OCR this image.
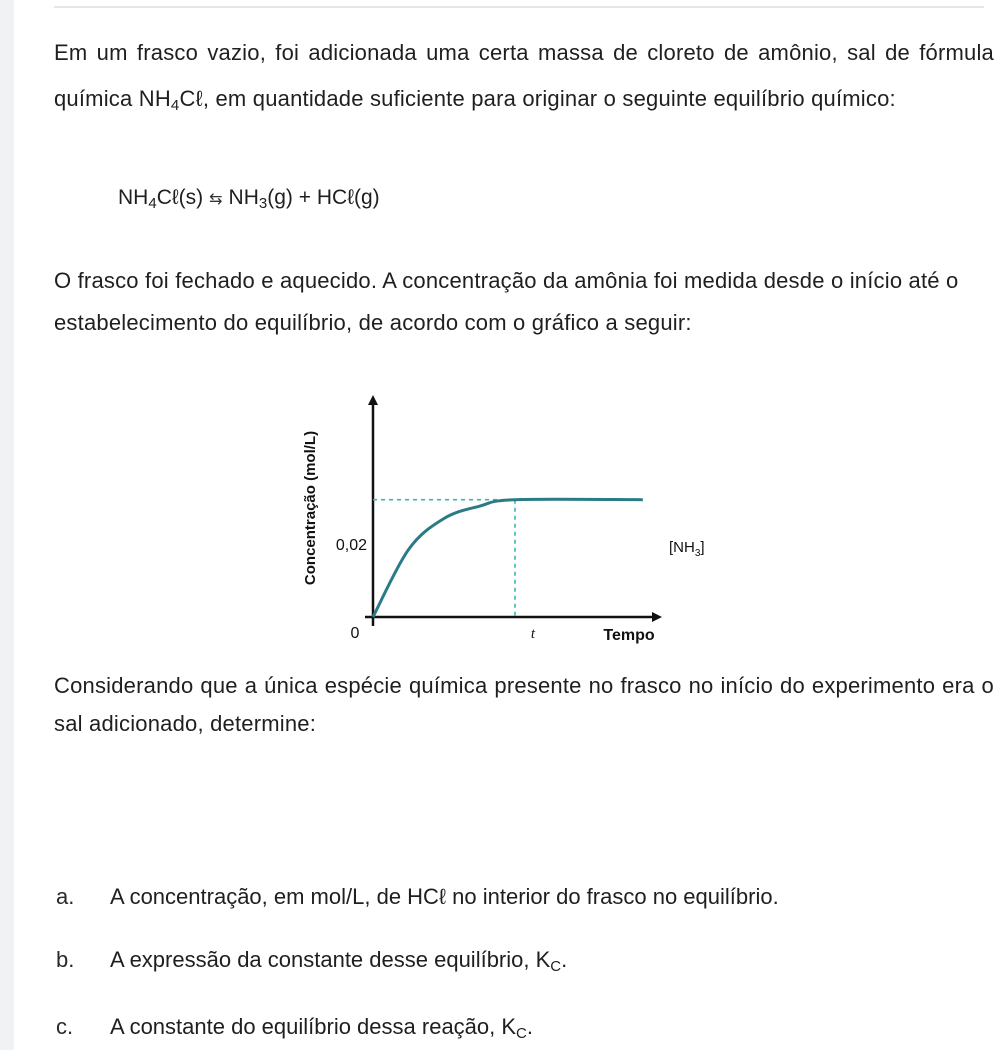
Em um frasco vazio, foi adicionada uma certa massa de cloreto de amônio, sal de fórmula química NH4Cℓ, em quantidade suficiente para originar o seguinte equilíbrio químico:

$NH_4C\ell(s)$ ⇆ $NH_3(g)$ + HCℓ(g)

O frasco foi fechado e aquecido. A concentração da amônia foi medida desde o início até o estabelecimento do equilíbrio, de acordo com o gráfico a seguir:

Concentração (mol/L) 0,02
0	t	Tempo
$[NH_3]$

Considerando que a única espécie química presente no frasco no início do experimento era o sal adicionado, determine:

a. A concentração, em mol/L, de HCℓ no interior do frasco no equilíbrio.
b. A expressão da constante desse equilíbrio, $K_C$.
c. A constante do equilíbrio dessa reação, $K_C$.
